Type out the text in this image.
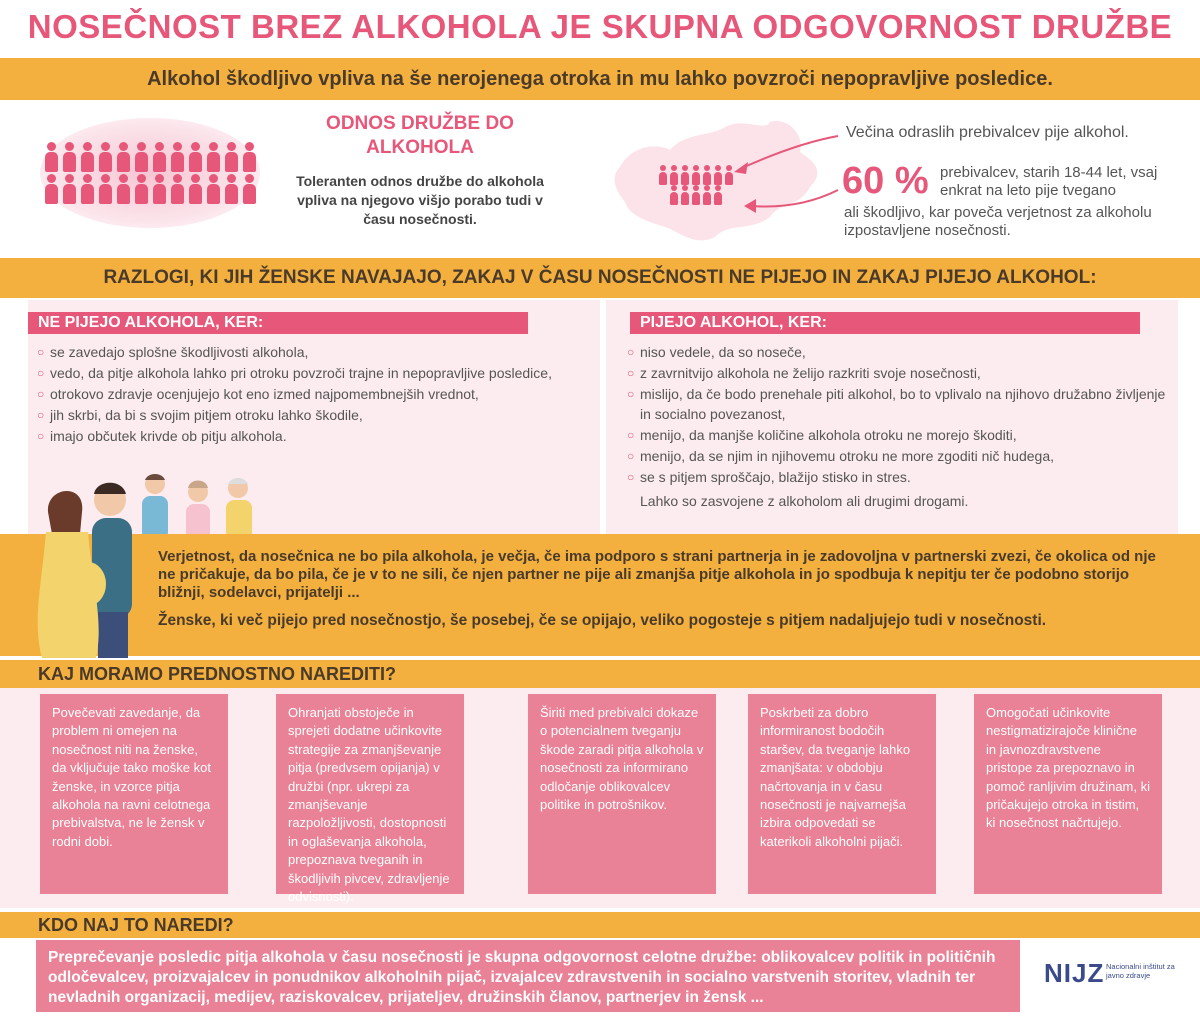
NOSEČNOST BREZ ALKOHOLA JE SKUPNA ODGOVORNOST DRUŽBE
Alkohol škodljivo vpliva na še nerojenega otroka in mu lahko povzroči nepopravljive posledice.
ODNOS DRUŽBE DO ALKOHOLA
Toleranten odnos družbe do alkohola vpliva na njegovo višjo porabo tudi v času nosečnosti.
Večina odraslih prebivalcev pije alkohol.
60 % prebivalcev, starih 18-44 let, vsaj enkrat na leto pije tvegano
ali škodljivo, kar poveča verjetnost za alkoholu izpostavljene nosečnosti.
RAZLOGI, KI JIH ŽENSKE NAVAJAJO, ZAKAJ V ČASU NOSEČNOSTI NE PIJEJO IN ZAKAJ PIJEJO ALKOHOL:
NE PIJEJO ALKOHOLA, KER:
○ se zavedajo splošne škodljivosti alkohola,
○ vedo, da pitje alkohola lahko pri otroku povzroči trajne in nepopravljive posledice,
○ otrokovo zdravje ocenjujejo kot eno izmed najpomembnejših vrednot,
○ jih skrbi, da bi s svojim pitjem otroku lahko škodile,
○ imajo občutek krivde ob pitju alkohola.
PIJEJO ALKOHOL, KER:
○ niso vedele, da so noseče,
○ z zavrnitvijo alkohola ne želijo razkriti svoje nosečnosti,
○ mislijo, da če bodo prenehale piti alkohol, bo to vplivalo na njihovo družabno življenje in socialno povezanost,
○ menijo, da manjše količine alkohola otroku ne morejo škoditi,
○ menijo, da se njim in njihovemu otroku ne more zgoditi nič hudega,
○ se s pitjem sproščajo, blažijo stisko in stres.
Lahko so zasvojene z alkoholom ali drugimi drogami.
Verjetnost, da nosečnica ne bo pila alkohola, je večja, če ima podporo s strani partnerja in je zadovoljna v partnerski zvezi, če okolica od nje ne pričakuje, da bo pila, če je v to ne sili, če njen partner ne pije ali zmanjša pitje alkohola in jo spodbuja k nepitju ter če podobno storijo bližnji, sodelavci, prijatelji ...
Ženske, ki več pijejo pred nosečnostjo, še posebej, če se opijajo, veliko pogosteje s pitjem nadaljujejo tudi v nosečnosti.
KAJ MORAMO PREDNOSTNO NAREDITI?
Povečevati zavedanje, da problem ni omejen na nosečnost niti na ženske, da vključuje tako moške kot ženske, in vzorce pitja alkohola na ravni celotnega prebivalstva, ne le žensk v rodni dobi.
Ohranjati obstoječe in sprejeti dodatne učinkovite strategije za zmanjševanje pitja (predvsem opijanja) v družbi (npr. ukrepi za zmanjševanje razpoložljivosti, dostopnosti in oglaševanja alkohola, prepoznava tveganih in škodljivih pivcev, zdravljenje odvisnosti).
Širiti med prebivalci dokaze o potencialnem tveganju škode zaradi pitja alkohola v nosečnosti za informirano odločanje oblikovalcev politike in potrošnikov.
Poskrbeti za dobro informiranost bodočih staršev, da tveganje lahko zmanjšata: v obdobju načrtovanja in v času nosečnosti je najvarnejša izbira odpovedati se katerikoli alkoholni pijači.
Omogočati učinkovite nestigmatizirajoče klinične in javnozdravstvene pristope za prepoznavo in pomoč ranljivim družinam, ki pričakujejo otroka in tistim, ki nosečnost načrtujejo.
KDO NAJ TO NAREDI?
Preprečevanje posledic pitja alkohola v času nosečnosti je skupna odgovornost celotne družbe: oblikovalcev politik in političnih odločevalcev, proizvajalcev in ponudnikov alkoholnih pijač, izvajalcev zdravstvenih in socialno varstvenih storitev, vladnih ter nevladnih organizacij, medijev, raziskovalcev, prijateljev, družinskih članov, partnerjev in žensk ...
NIJZ Nacionalni inštitut za javno zdravje
